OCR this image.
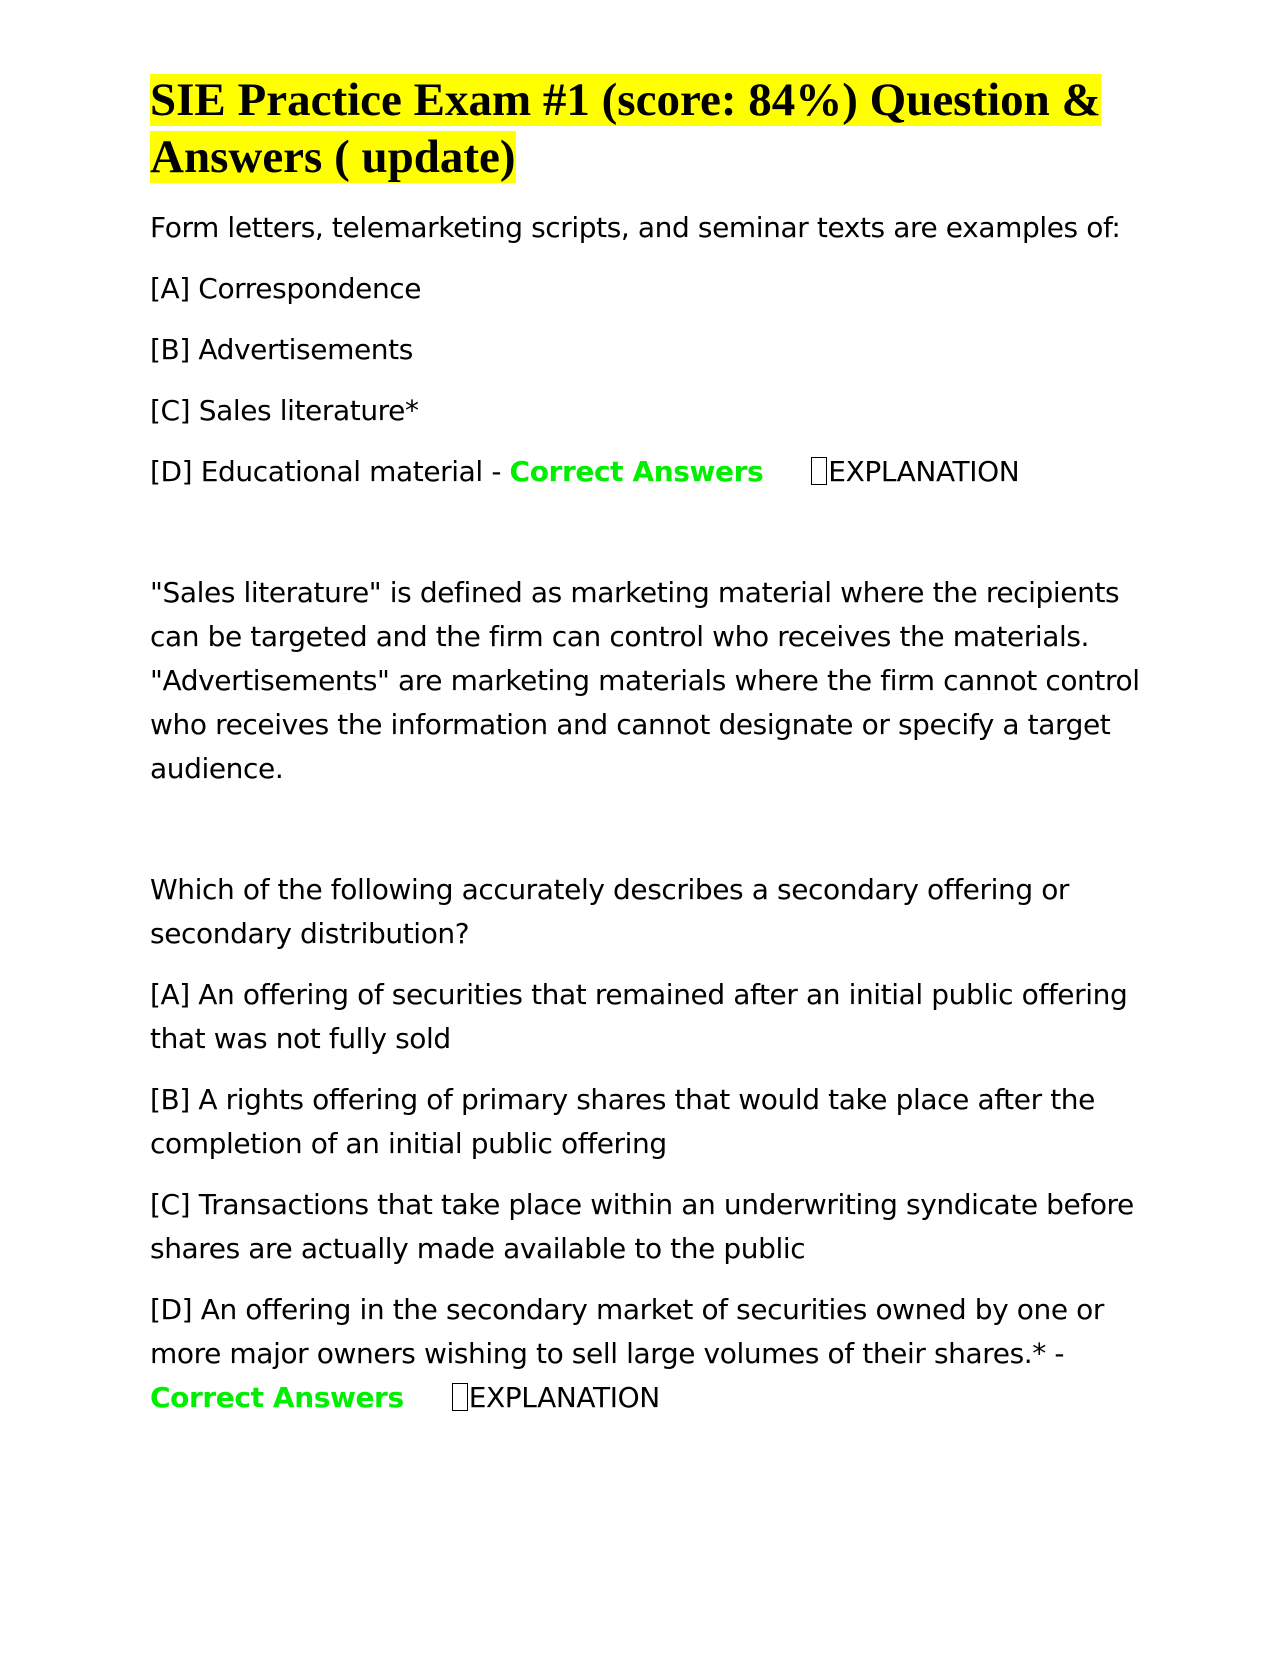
SIE Practice Exam #1 (score: 84%) Question & Answers ( update)

Form letters, telemarketing scripts, and seminar texts are examples of:

[A] Correspondence

[B] Advertisements

[C] Sales literature*

[D] Educational material - Correct Answers EXPLANATION

"Sales literature" is defined as marketing material where the recipients can be targeted and the firm can control who receives the materials. "Advertisements" are marketing materials where the firm cannot control who receives the information and cannot designate or specify a target audience.

Which of the following accurately describes a secondary offering or secondary distribution?

[A] An offering of securities that remained after an initial public offering that was not fully sold

[B] A rights offering of primary shares that would take place after the completion of an initial public offering

[C] Transactions that take place within an underwriting syndicate before shares are actually made available to the public

[D] An offering in the secondary market of securities owned by one or more major owners wishing to sell large volumes of their shares.* - Correct Answers EXPLANATION
